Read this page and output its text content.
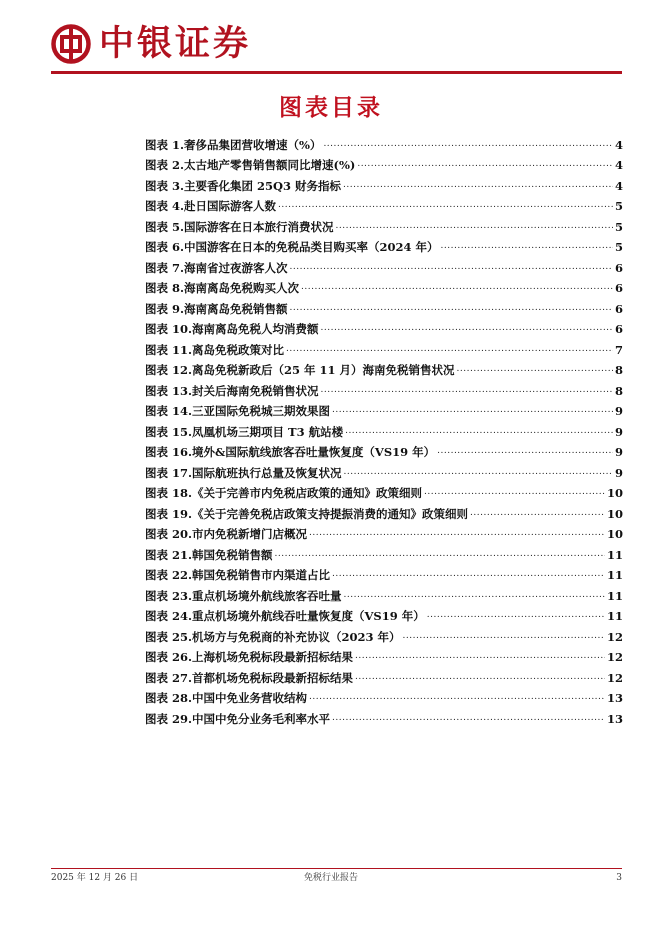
中银证券
图表目录
图表 1.奢侈品集团营收增速（%） .....	4
图表 2.太古地产零售销售额同比增速(%) .....	4
图表 3.主要香化集团 25Q3 财务指标 .....	4
图表 4.赴日国际游客人数 .....	5
图表 5.国际游客在日本旅行消费状况 .....	5
图表 6.中国游客在日本的免税品类目购买率（2024 年） .....	5
图表 7.海南省过夜游客人次 .....	6
图表 8.海南离岛免税购买人次 .....	6
图表 9.海南离岛免税销售额 .....	6
图表 10.海南离岛免税人均消费额 .....	6
图表 11.离岛免税政策对比 .....	7
图表 12.离岛免税新政后（25 年 11 月）海南免税销售状况 .....	8
图表 13.封关后海南免税销售状况 .....	8
图表 14.三亚国际免税城三期效果图 .....	9
图表 15.凤凰机场三期项目 T3 航站楼 .....	9
图表 16.境外&国际航线旅客吞吐量恢复度（VS19 年） .....	9
图表 17.国际航班执行总量及恢复状况 .....	9
图表 18.《关于完善市内免税店政策的通知》政策细则 .....	10
图表 19.《关于完善免税店政策支持提振消费的通知》政策细则 .....	10
图表 20.市内免税新增门店概况 .....	10
图表 21.韩国免税销售额 .....	11
图表 22.韩国免税销售市内渠道占比 .....	11
图表 23.重点机场境外航线旅客吞吐量 .....	11
图表 24.重点机场境外航线吞吐量恢复度（VS19 年） .....	11
图表 25.机场方与免税商的补充协议（2023 年） .....	12
图表 26.上海机场免税标段最新招标结果 .....	12
图表 27.首都机场免税标段最新招标结果 .....	12
图表 28.中国中免业务营收结构 .....	13
图表 29.中国中免分业务毛利率水平 .....	13
2025 年 12 月 26 日	免税行业报告	3
